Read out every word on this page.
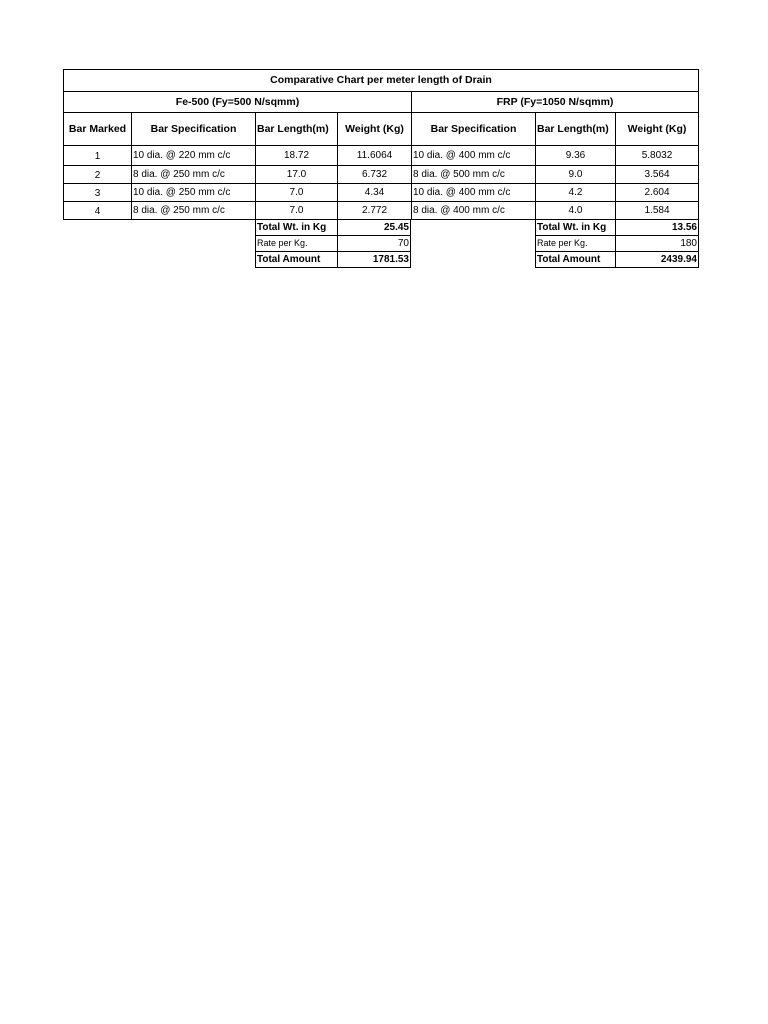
Comparative Chart per meter length of Drain
Fe-500 (Fy=500 N/sqmm)	FRP (Fy=1050 N/sqmm)
Bar Marked	Bar Specification	Bar Length(m)	Weight (Kg)	Bar Specification	Bar Length(m)	Weight (Kg)
1	10 dia. @ 220 mm c/c	18.72	11.6064	10 dia. @ 400 mm c/c	9.36	5.8032
2	8 dia. @ 250 mm c/c	17.0	6.732	8 dia. @ 500 mm c/c	9.0	3.564
3	10 dia. @ 250 mm c/c	7.0	4.34	10 dia. @ 400 mm c/c	4.2	2.604
4	8 dia. @ 250 mm c/c	7.0	2.772	8 dia. @ 400 mm c/c	4.0	1.584
Total Wt. in Kg	25.45
Rate per Kg.	70
Total Amount	1781.53
Total Wt. in Kg	13.56
Rate per Kg.	180
Total Amount	2439.94
